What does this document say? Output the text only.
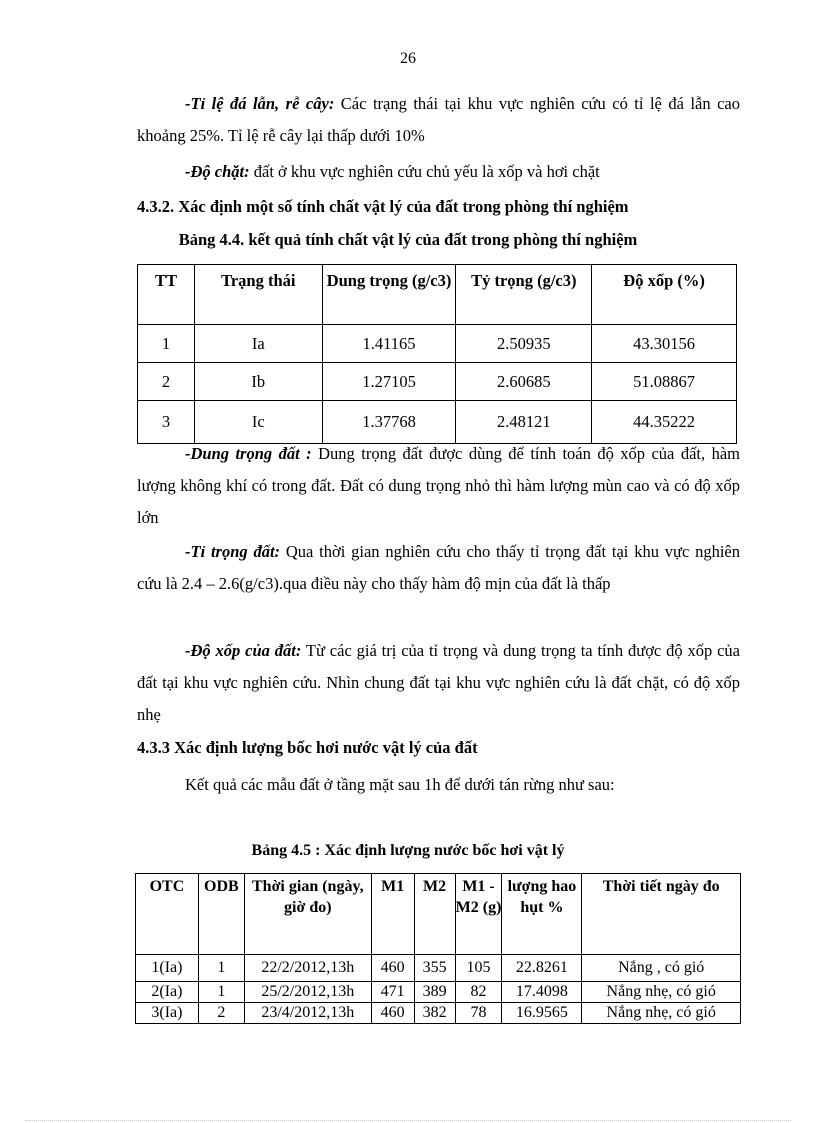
26
-Tỉ lệ đá lẫn, rễ cây: Các trạng thái tại khu vực nghiên cứu có tỉ lệ đá lẫn cao khoảng 25%. Tỉ lệ rễ cây lại thấp dưới 10%
-Độ chặt: đất ở khu vực nghiên cứu chủ yếu là xốp và hơi chặt
4.3.2. Xác định một số tính chất vật lý của đất trong phòng thí nghiệm
Bảng 4.4. kết quả tính chất vật lý của đất trong phòng thí nghiệm
TT	Trạng thái	Dung trọng (g/c3)	Tỷ trọng (g/c3)	Độ xốp (%)
1	Ia	1.41165	2.50935	43.30156
2	Ib	1.27105	2.60685	51.08867
3	Ic	1.37768	2.48121	44.35222
-Dung trọng đất : Dung trọng đất được dùng để tính toán độ xốp của đất, hàm lượng không khí có trong đất. Đất có dung trọng nhỏ thì hàm lượng mùn cao và có độ xốp lớn
-Tỉ trọng đất: Qua thời gian nghiên cứu cho thấy tỉ trọng đất tại khu vực nghiên cứu là 2.4 – 2.6(g/c3).qua điều này cho thấy hàm độ mịn của đất là thấp
-Độ xốp của đất: Từ các giá trị của tỉ trọng và dung trọng ta tính được độ xốp của đất tại khu vực nghiên cứu. Nhìn chung đất tại khu vực nghiên cứu là đất chặt, có độ xốp nhẹ
4.3.3 Xác định lượng bốc hơi nước vật lý của đất
Kết quả các mẫu đất ở tầng mặt sau 1h để dưới tán rừng như sau:
Bảng 4.5 : Xác định lượng nước bốc hơi vật lý
OTC	ODB	Thời gian (ngày, giờ đo)	M1	M2	M1 -M2 (g)	lượng hao hụt %	Thời tiết ngày đo
1(Ia)	1	22/2/2012,13h	460	355	105	22.8261	Nắng , có gió
2(Ia)	1	25/2/2012,13h	471	389	82	17.4098	Nắng nhẹ, có gió
3(Ia)	2	23/4/2012,13h	460	382	78	16.9565	Nắng nhẹ, có gió
